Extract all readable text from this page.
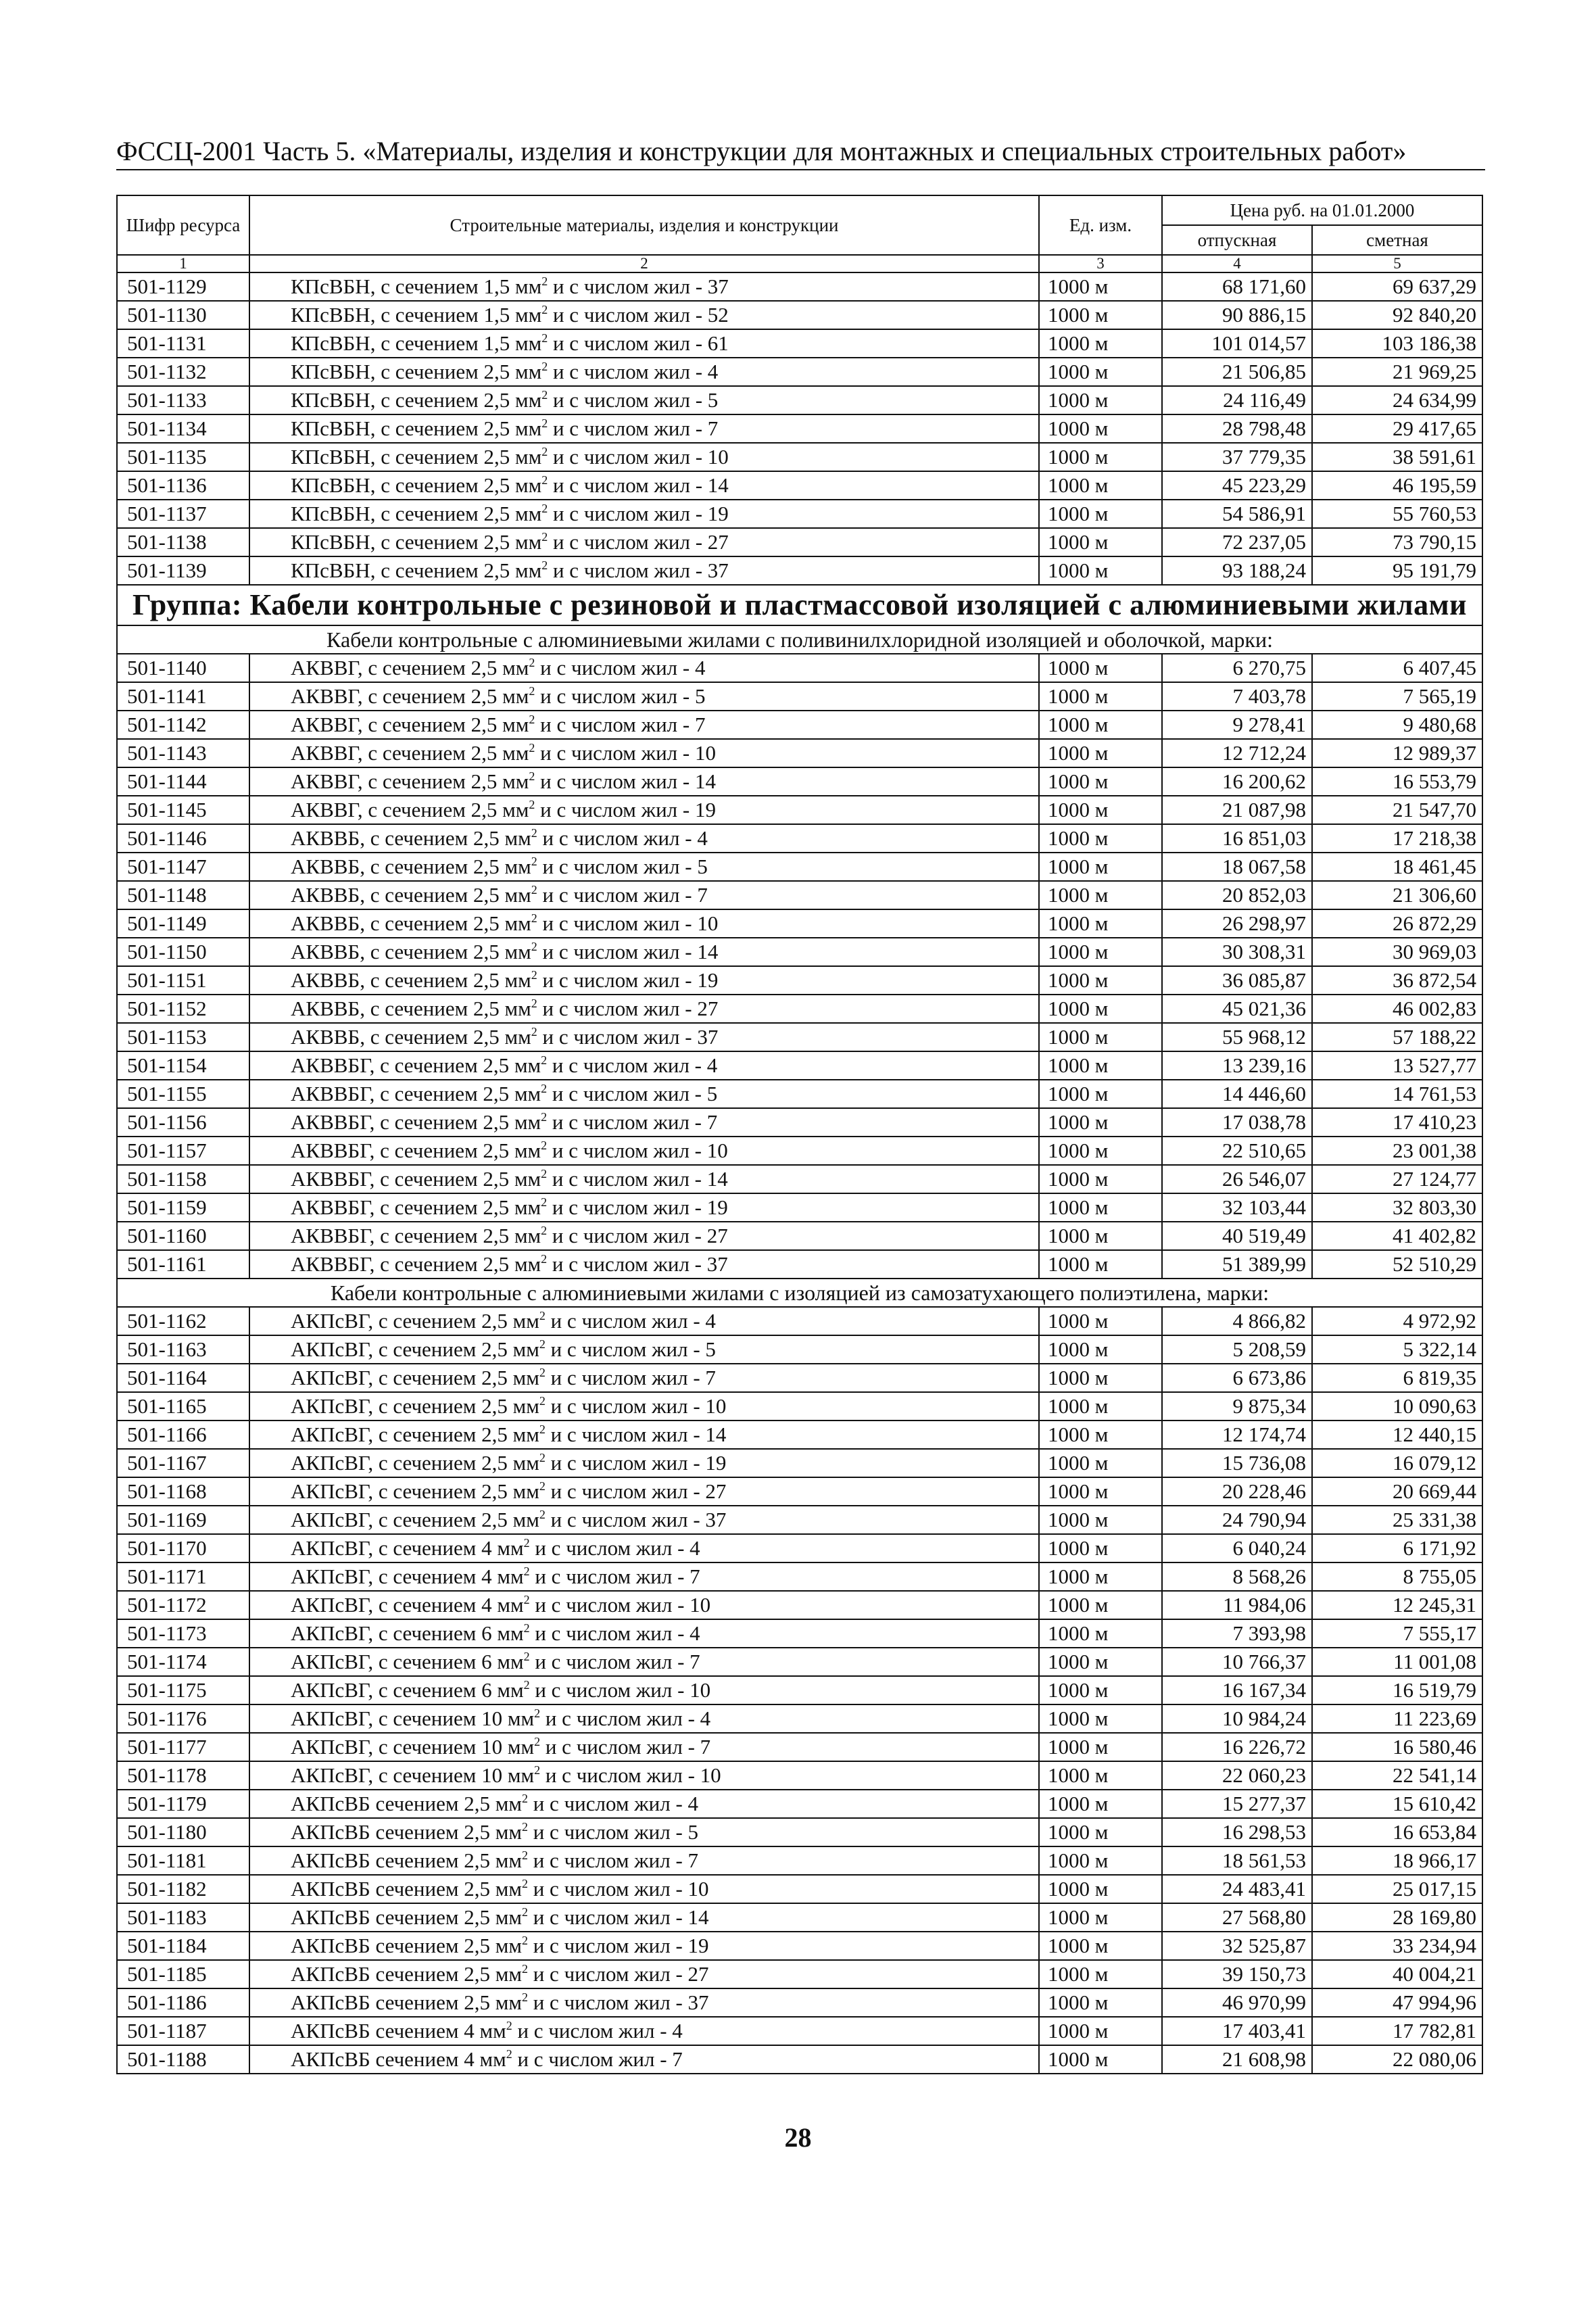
ФССЦ-2001 Часть 5. «Материалы, изделия и конструкции для монтажных и специальных строительных работ»
Шифр ресурса	Строительные материалы, изделия и конструкции	Ед. изм.	Цена руб. на 01.01.2000	
			отпускная	сметная
1	2	3	4	5
501-1129	КПсВБН, с сечением 1,5 $мм^2$ и с числом жил - 37	1000 м	68 171,60	69 637,29
501-1130	КПсВБН, с сечением 1,5 $мм^2$ и с числом жил - 52	1000 м	90 886,15	92 840,20
501-1131	КПсВБН, с сечением 1,5 $мм^2$ и с числом жил - 61	1000 м	101 014,57	103 186,38
501-1132	КПсВБН, с сечением 2,5 $мм^2$ и с числом жил - 4	1000 м	21 506,85	21 969,25
501-1133	КПсВБН, с сечением 2,5 $мм^2$ и с числом жил - 5	1000 м	24 116,49	24 634,99
501-1134	КПсВБН, с сечением 2,5 $мм^2$ и с числом жил - 7	1000 м	28 798,48	29 417,65
501-1135	КПсВБН, с сечением 2,5 $мм^2$ и с числом жил - 10	1000 м	37 779,35	38 591,61
501-1136	КПсВБН, с сечением 2,5 $мм^2$ и с числом жил - 14	1000 м	45 223,29	46 195,59
501-1137	КПсВБН, с сечением 2,5 $мм^2$ и с числом жил - 19	1000 м	54 586,91	55 760,53
501-1138	КПсВБН, с сечением 2,5 $мм^2$ и с числом жил - 27	1000 м	72 237,05	73 790,15
501-1139	КПсВБН, с сечением 2,5 $мм^2$ и с числом жил - 37	1000 м	93 188,24	95 191,79
Группа: Кабели контрольные с резиновой и пластмассовой изоляцией с алюминиевыми жилами				
Кабели контрольные с алюминиевыми жилами с поливинилхлоридной изоляцией и оболочкой, марки:				
501-1140	АКВВГ, с сечением 2,5 $мм^2$ и с числом жил - 4	1000 м	6 270,75	6 407,45
501-1141	АКВВГ, с сечением 2,5 $мм^2$ и с числом жил - 5	1000 м	7 403,78	7 565,19
501-1142	АКВВГ, с сечением 2,5 $мм^2$ и с числом жил - 7	1000 м	9 278,41	9 480,68
501-1143	АКВВГ, с сечением 2,5 $мм^2$ и с числом жил - 10	1000 м	12 712,24	12 989,37
501-1144	АКВВГ, с сечением 2,5 $мм^2$ и с числом жил - 14	1000 м	16 200,62	16 553,79
501-1145	АКВВГ, с сечением 2,5 $мм^2$ и с числом жил - 19	1000 м	21 087,98	21 547,70
501-1146	АКВВБ, с сечением 2,5 $мм^2$ и с числом жил - 4	1000 м	16 851,03	17 218,38
501-1147	АКВВБ, с сечением 2,5 $мм^2$ и с числом жил - 5	1000 м	18 067,58	18 461,45
501-1148	АКВВБ, с сечением 2,5 $мм^2$ и с числом жил - 7	1000 м	20 852,03	21 306,60
501-1149	АКВВБ, с сечением 2,5 $мм^2$ и с числом жил - 10	1000 м	26 298,97	26 872,29
501-1150	АКВВБ, с сечением 2,5 $мм^2$ и с числом жил - 14	1000 м	30 308,31	30 969,03
501-1151	АКВВБ, с сечением 2,5 $мм^2$ и с числом жил - 19	1000 м	36 085,87	36 872,54
501-1152	АКВВБ, с сечением 2,5 $мм^2$ и с числом жил - 27	1000 м	45 021,36	46 002,83
501-1153	АКВВБ, с сечением 2,5 $мм^2$ и с числом жил - 37	1000 м	55 968,12	57 188,22
501-1154	АКВВБГ, с сечением 2,5 $мм^2$ и с числом жил - 4	1000 м	13 239,16	13 527,77
501-1155	АКВВБГ, с сечением 2,5 $мм^2$ и с числом жил - 5	1000 м	14 446,60	14 761,53
501-1156	АКВВБГ, с сечением 2,5 $мм^2$ и с числом жил - 7	1000 м	17 038,78	17 410,23
501-1157	АКВВБГ, с сечением 2,5 $мм^2$ и с числом жил - 10	1000 м	22 510,65	23 001,38
501-1158	АКВВБГ, с сечением 2,5 $мм^2$ и с числом жил - 14	1000 м	26 546,07	27 124,77
501-1159	АКВВБГ, с сечением 2,5 $мм^2$ и с числом жил - 19	1000 м	32 103,44	32 803,30
501-1160	АКВВБГ, с сечением 2,5 $мм^2$ и с числом жил - 27	1000 м	40 519,49	41 402,82
501-1161	АКВВБГ, с сечением 2,5 $мм^2$ и с числом жил - 37	1000 м	51 389,99	52 510,29
Кабели контрольные с алюминиевыми жилами с изоляцией из самозатухающего полиэтилена, марки:				
501-1162	АКПсВГ, с сечением 2,5 $мм^2$ и с числом жил - 4	1000 м	4 866,82	4 972,92
501-1163	АКПсВГ, с сечением 2,5 $мм^2$ и с числом жил - 5	1000 м	5 208,59	5 322,14
501-1164	АКПсВГ, с сечением 2,5 $мм^2$ и с числом жил - 7	1000 м	6 673,86	6 819,35
501-1165	АКПсВГ, с сечением 2,5 $мм^2$ и с числом жил - 10	1000 м	9 875,34	10 090,63
501-1166	АКПсВГ, с сечением 2,5 $мм^2$ и с числом жил - 14	1000 м	12 174,74	12 440,15
501-1167	АКПсВГ, с сечением 2,5 $мм^2$ и с числом жил - 19	1000 м	15 736,08	16 079,12
501-1168	АКПсВГ, с сечением 2,5 $мм^2$ и с числом жил - 27	1000 м	20 228,46	20 669,44
501-1169	АКПсВГ, с сечением 2,5 $мм^2$ и с числом жил - 37	1000 м	24 790,94	25 331,38
501-1170	АКПсВГ, с сечением 4 $мм^2$ и с числом жил - 4	1000 м	6 040,24	6 171,92
501-1171	АКПсВГ, с сечением 4 $мм^2$ и с числом жил - 7	1000 м	8 568,26	8 755,05
501-1172	АКПсВГ, с сечением 4 $мм^2$ и с числом жил - 10	1000 м	11 984,06	12 245,31
501-1173	АКПсВГ, с сечением 6 $мм^2$ и с числом жил - 4	1000 м	7 393,98	7 555,17
501-1174	АКПсВГ, с сечением 6 $мм^2$ и с числом жил - 7	1000 м	10 766,37	11 001,08
501-1175	АКПсВГ, с сечением 6 $мм^2$ и с числом жил - 10	1000 м	16 167,34	16 519,79
501-1176	АКПсВГ, с сечением 10 $мм^2$ и с числом жил - 4	1000 м	10 984,24	11 223,69
501-1177	АКПсВГ, с сечением 10 $мм^2$ и с числом жил - 7	1000 м	16 226,72	16 580,46
501-1178	АКПсВГ, с сечением 10 $мм^2$ и с числом жил - 10	1000 м	22 060,23	22 541,14
501-1179	АКПсВБ сечением 2,5 $мм^2$ и с числом жил - 4	1000 м	15 277,37	15 610,42
501-1180	АКПсВБ сечением 2,5 $мм^2$ и с числом жил - 5	1000 м	16 298,53	16 653,84
501-1181	АКПсВБ сечением 2,5 $мм^2$ и с числом жил - 7	1000 м	18 561,53	18 966,17
501-1182	АКПсВБ сечением 2,5 $мм^2$ и с числом жил - 10	1000 м	24 483,41	25 017,15
501-1183	АКПсВБ сечением 2,5 $мм^2$ и с числом жил - 14	1000 м	27 568,80	28 169,80
501-1184	АКПсВБ сечением 2,5 $мм^2$ и с числом жил - 19	1000 м	32 525,87	33 234,94
501-1185	АКПсВБ сечением 2,5 $мм^2$ и с числом жил - 27	1000 м	39 150,73	40 004,21
501-1186	АКПсВБ сечением 2,5 $мм^2$ и с числом жил - 37	1000 м	46 970,99	47 994,96
501-1187	АКПсВБ сечением 4 $мм^2$ и с числом жил - 4	1000 м	17 403,41	17 782,81
501-1188	АКПсВБ сечением 4 $мм^2$ и с числом жил - 7	1000 м	21 608,98	22 080,06
28
